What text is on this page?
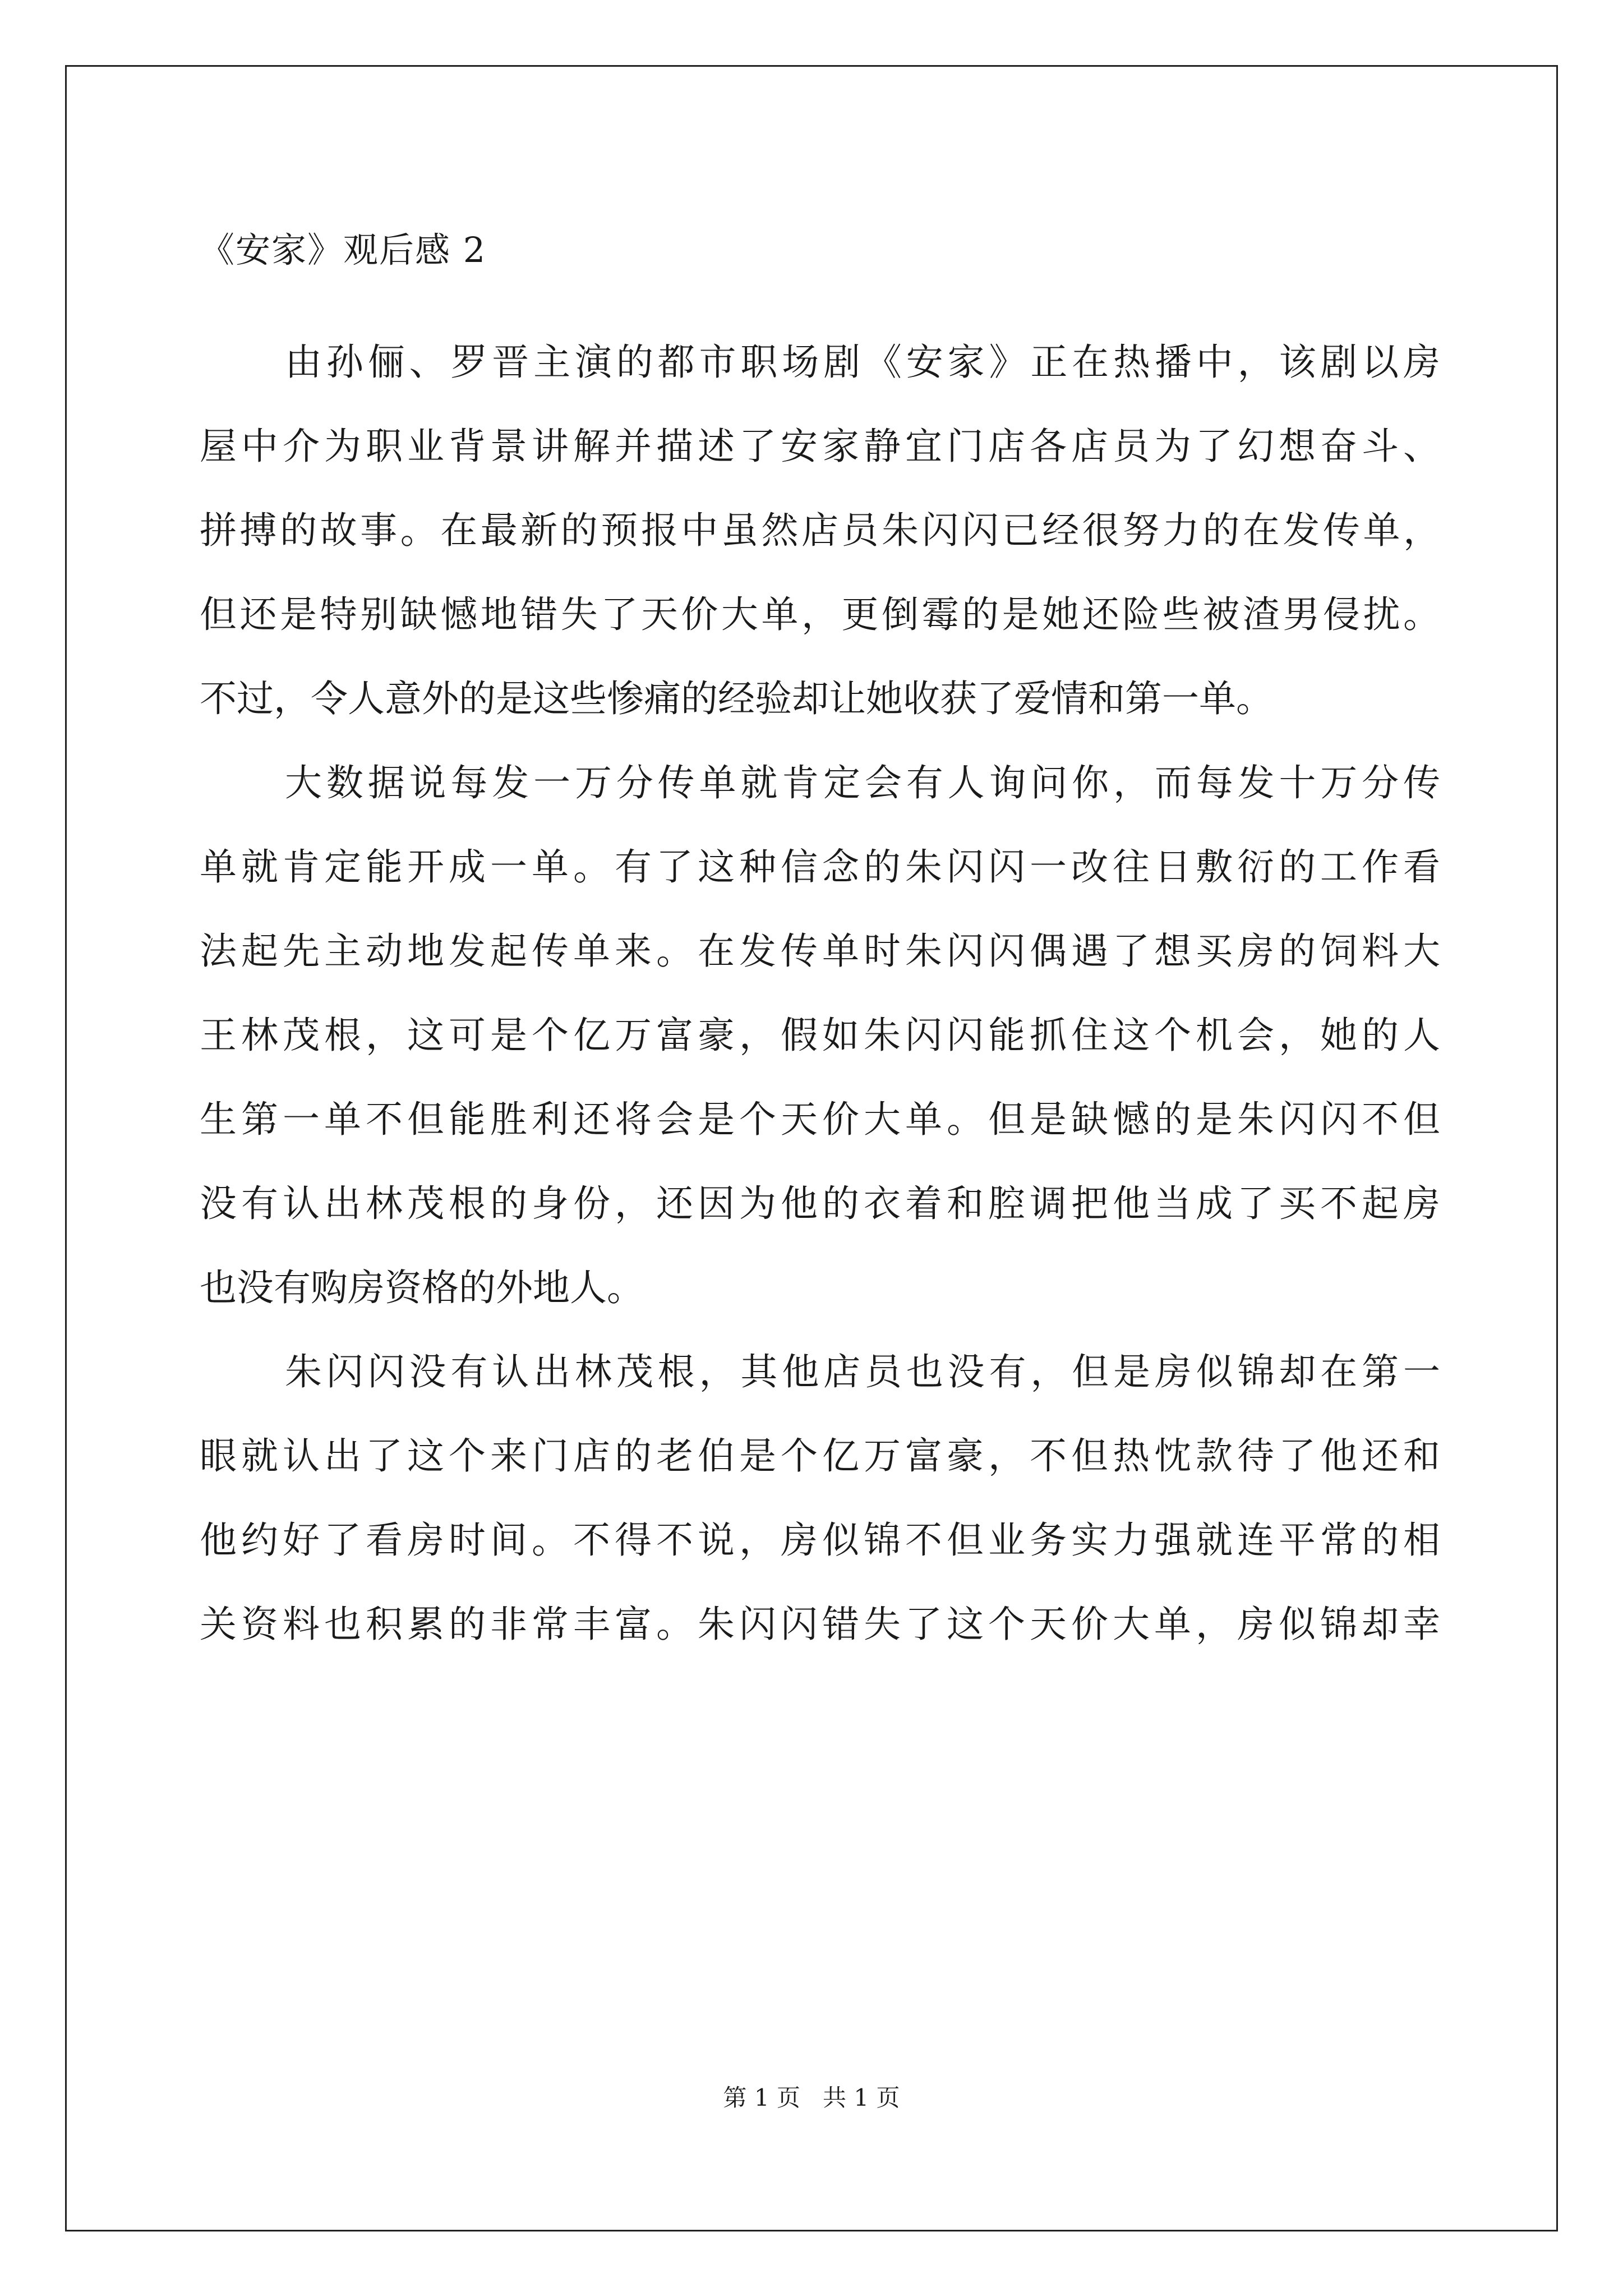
《安家》观后感 2
由孙俪、罗晋主演的都市职场剧《安家》正在热播中，该剧以房
屋中介为职业背景讲解并描述了安家静宜门店各店员为了幻想奋斗、
拼搏的故事。在最新的预报中虽然店员朱闪闪已经很努力的在发传单，
但还是特别缺憾地错失了天价大单，更倒霉的是她还险些被渣男侵扰。
不过，令人意外的是这些惨痛的经验却让她收获了爱情和第一单。
大数据说每发一万分传单就肯定会有人询问你，而每发十万分传
单就肯定能开成一单。有了这种信念的朱闪闪一改往日敷衍的工作看
法起先主动地发起传单来。在发传单时朱闪闪偶遇了想买房的饲料大
王林茂根，这可是个亿万富豪，假如朱闪闪能抓住这个机会，她的人
生第一单不但能胜利还将会是个天价大单。但是缺憾的是朱闪闪不但
没有认出林茂根的身份，还因为他的衣着和腔调把他当成了买不起房
也没有购房资格的外地人。
朱闪闪没有认出林茂根，其他店员也没有，但是房似锦却在第一
眼就认出了这个来门店的老伯是个亿万富豪，不但热忱款待了他还和
他约好了看房时间。不得不说，房似锦不但业务实力强就连平常的相
关资料也积累的非常丰富。朱闪闪错失了这个天价大单，房似锦却幸
第 1 页   共 1 页
